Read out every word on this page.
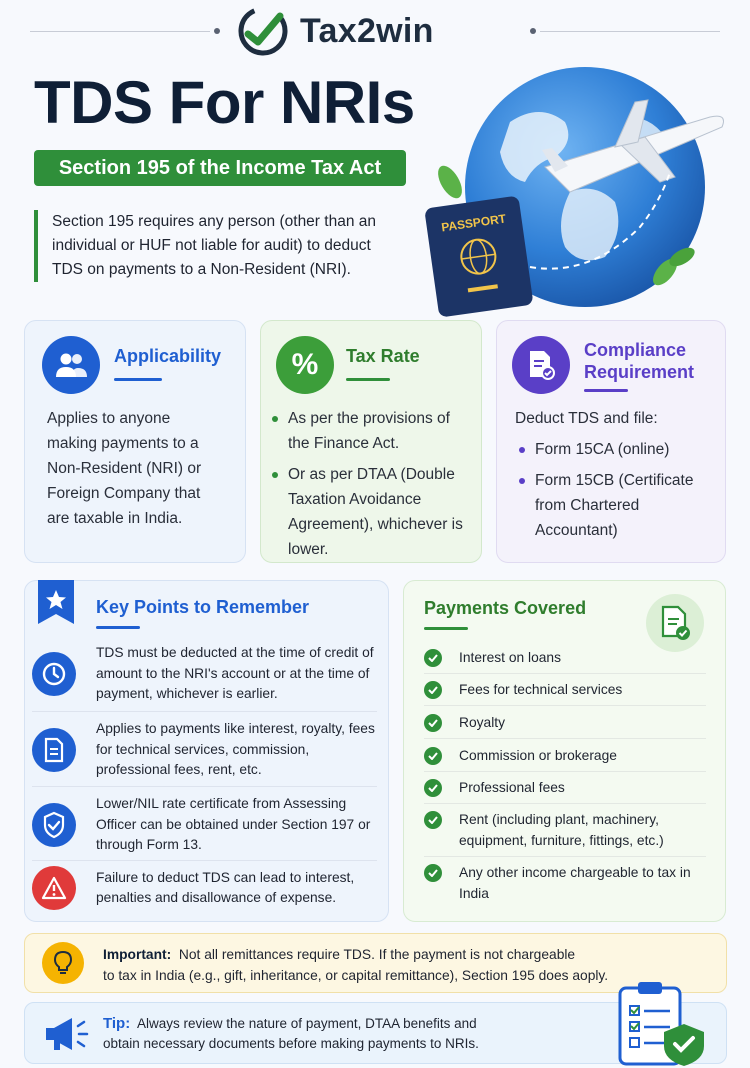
Tax2win
TDS For NRIs
Section 195 of the Income Tax Act
Section 195 requires any person (other than an individual or HUF not liable for audit) to deduct TDS on payments to a Non-Resident (NRI).
PASSPORT
Applicability
Applies to anyone making payments to a Non-Resident (NRI) or Foreign Company that are taxable in India.
% Tax Rate
As per the provisions of the Finance Act.
Or as per DTAA (Double Taxation Avoidance Agreement), whichever is lower.
Compliance
Requirement
Deduct TDS and file:
Form 15CA (online)
Form 15CB (Certificate from Chartered Accountant)
Key Points to Remember
TDS must be deducted at the time of credit of amount to the NRI's account or at the time of payment, whichever is earlier.
Applies to payments like interest, royalty, fees for technical services, commission, professional fees, rent, etc.
Lower/NIL rate certificate from Assessing Officer can be obtained under Section 197 or through Form 13.
Failure to deduct TDS can lead to interest, penalties and disallowance of expense.
Payments Covered
Interest on loans
Fees for technical services
Royalty
Commission or brokerage
Professional fees
Rent (including plant, machinery, equipment, furniture, fittings, etc.)
Any other income chargeable to tax in India
Important: Not all remittances require TDS. If the payment is not chargeable
to tax in India (e.g., gift, inheritance, or capital remittance), Section 195 does aoply.
Tip: Always review the nature of payment, DTAA benefits and
obtain necessary documents before making payments to NRIs.
